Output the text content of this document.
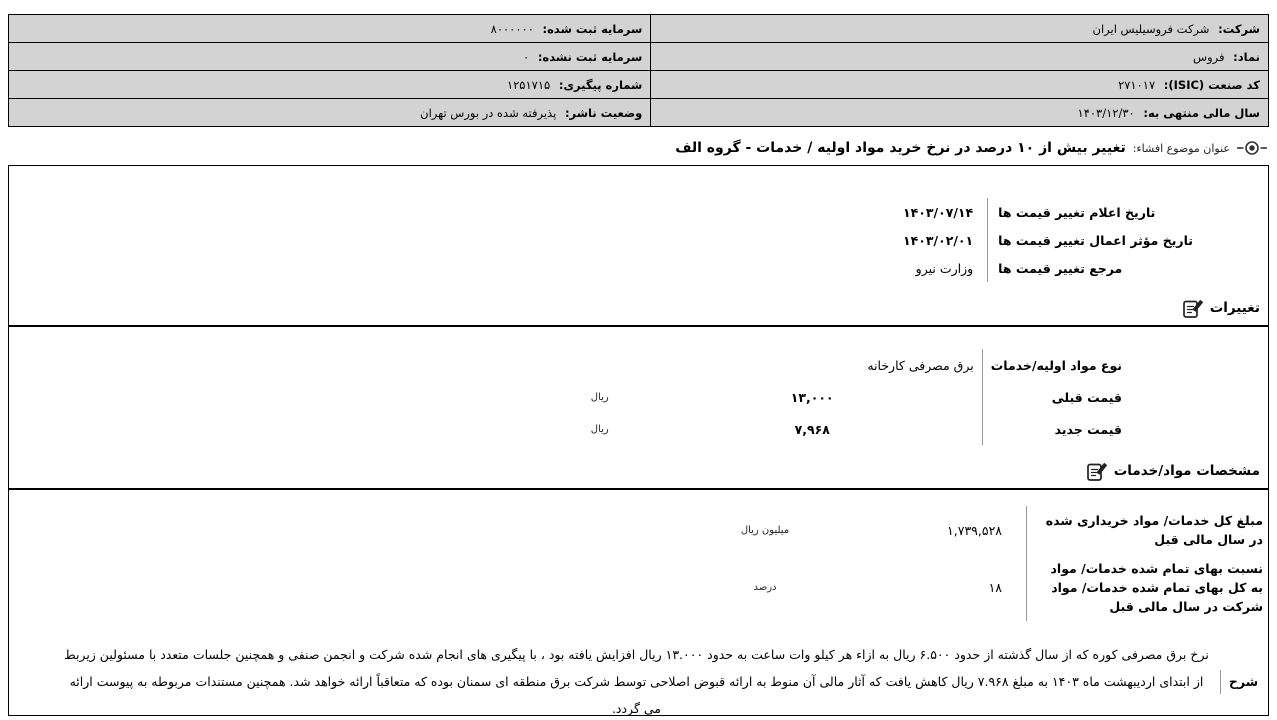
شرکت: شرکت فروسیلیس ایران	سرمایه ثبت شده: ۸۰۰۰۰۰۰
نماد: فروس	سرمایه ثبت نشده: ۰
کد صنعت (ISIC): ۲۷۱۰۱۷	شماره پیگیری: ۱۲۵۱۷۱۵
سال مالی منتهی به: ۱۴۰۳/۱۲/۳۰	وضعیت ناشر: پذیرفته شده در بورس تهران
عنوان موضوع افشاء:
تغییر بیش از ۱۰ درصد در نرخ خرید مواد اولیه / خدمات - گروه الف
تاریخ اعلام تغییر قیمت ها	۱۴۰۳/۰۷/۱۴
تاریخ مؤثر اعمال تغییر قیمت ها	۱۴۰۳/۰۲/۰۱
مرجع تغییر قیمت ها	وزارت نیرو
تغییرات
نوع مواد اولیه/خدمات	برق مصرفی کارخانه	
قیمت قبلی	۱۳,۰۰۰	ریال
قیمت جدید	۷,۹۶۸	ریال
مشخصات مواد/خدمات
مبلغ کل خدمات/ مواد خریداری شده در سال مالی قبل	۱,۷۳۹,۵۲۸	میلیون ریال
نسبت بهای تمام شده خدمات/ مواد به کل بهای تمام شده خدمات/ مواد شرکت در سال مالی قبل	۱۸	درصد
شرح
نرخ برق مصرفی کوره که از سال گذشته از حدود ۶.۵۰۰ ریال به ازاء هر کیلو وات ساعت به حدود ۱۳.۰۰۰ ریال افزایش یافته بود ، با پیگیری های انجام شده شرکت و انجمن صنفی و همچنین جلسات متعدد با مسئولین زیربط از ابتدای اردیبهشت ماه ۱۴۰۳ به مبلغ ۷.۹۶۸ ریال کاهش یافت که آثار مالی آن منوط به ارائه قبوض اصلاحی توسط شرکت برق منطقه ای سمنان بوده که متعاقباً ارائه خواهد شد. همچنین مستندات مربوطه به پیوست ارائه می گردد.
